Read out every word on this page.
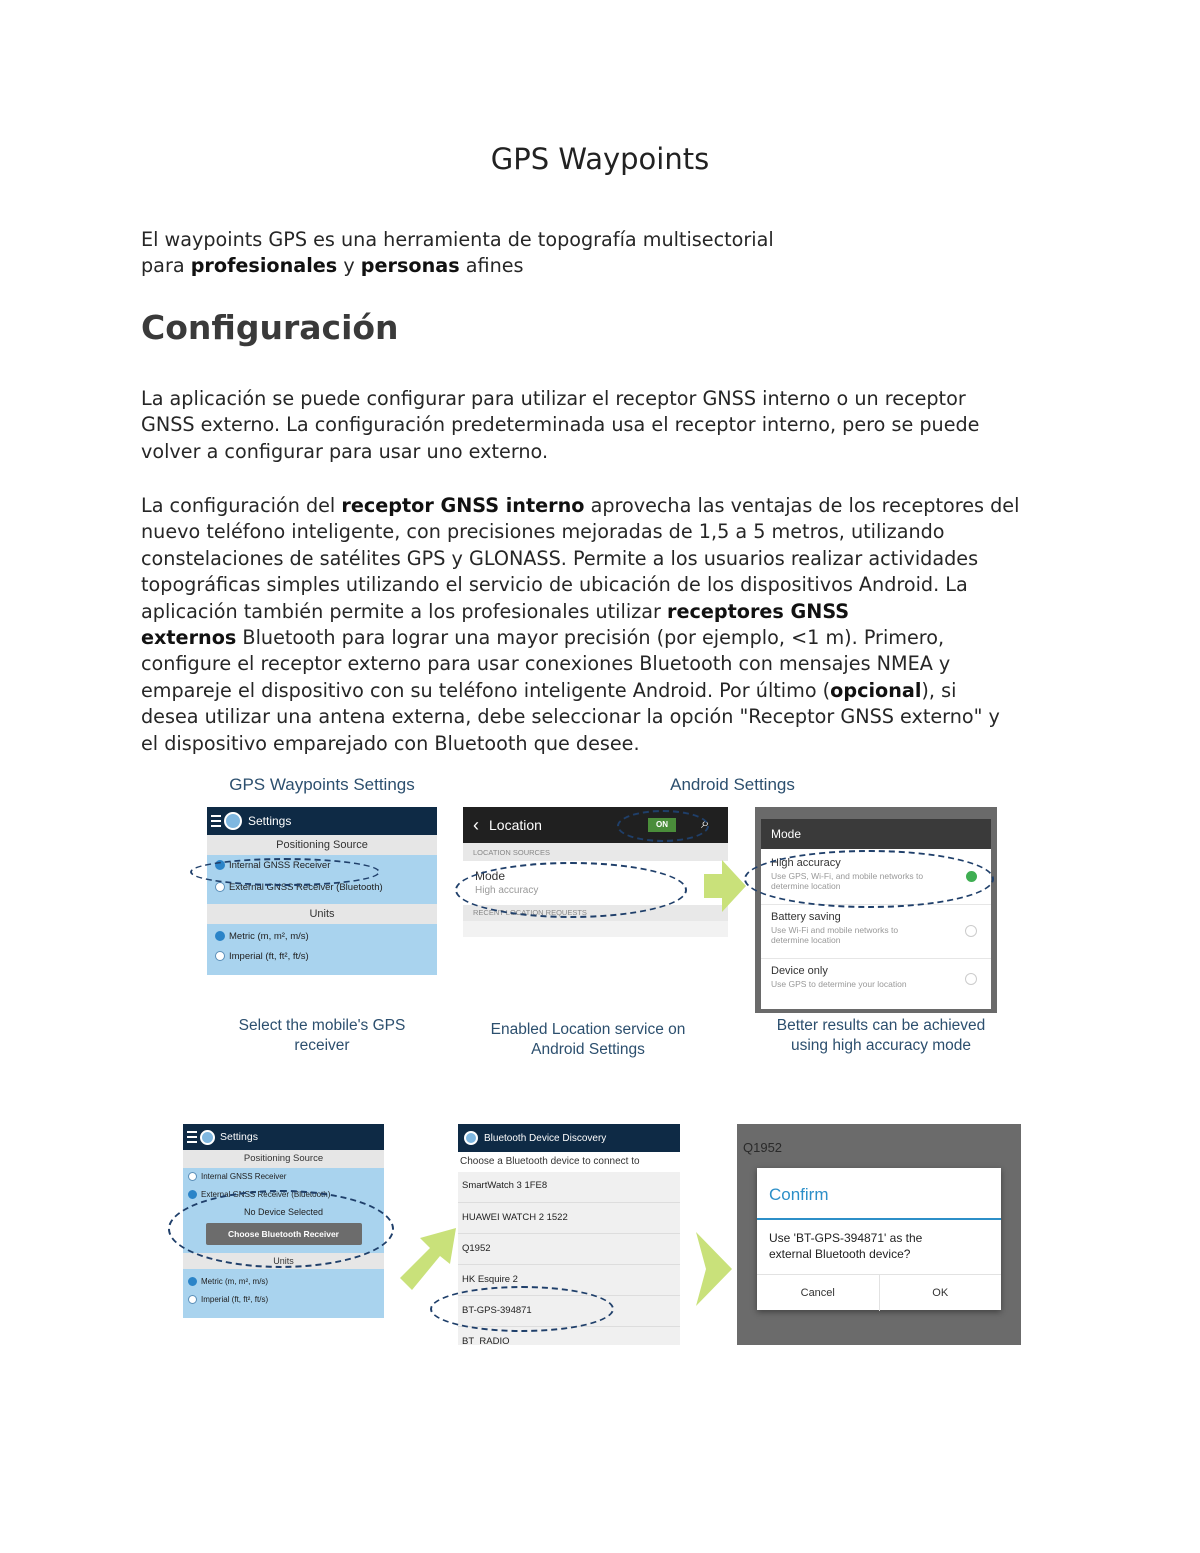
GPS Waypoints
El waypoints GPS es una herramienta de topografía multisectorial
para profesionales y personas afines
Configuración
La aplicación se puede configurar para utilizar el receptor GNSS interno o un receptor
GNSS externo. La configuración predeterminada usa el receptor interno, pero se puede
volver a configurar para usar uno externo.
La configuración del receptor GNSS interno aprovecha las ventajas de los receptores del
nuevo teléfono inteligente, con precisiones mejoradas de 1,5 a 5 metros, utilizando
constelaciones de satélites GPS y GLONASS. Permite a los usuarios realizar actividades
topográficas simples utilizando el servicio de ubicación de los dispositivos Android. La
aplicación también permite a los profesionales utilizar receptores GNSS
externos Bluetooth para lograr una mayor precisión (por ejemplo, <1 m). Primero,
configure el receptor externo para usar conexiones Bluetooth con mensajes NMEA y
empareje el dispositivo con su teléfono inteligente Android. Por último (opcional), si
desea utilizar una antena externa, debe seleccionar la opción "Receptor GNSS externo" y
el dispositivo emparejado con Bluetooth que desee.
GPS Waypoints Settings	Android Settings
Settings
Positioning Source
Internal GNSS Receiver
External GNSS Receiver (Bluetooth)
Units
Metric (m, m², m/s)
Imperial (ft, ft², ft/s)
‹ Location	ON	⌕
LOCATION SOURCES
Mode
High accuracy
RECENT LOCATION REQUESTS
Mode
High accuracy
Use GPS, Wi-Fi, and mobile networks to
determine location
Battery saving
Use Wi-Fi and mobile networks to
determine location
Device only
Use GPS to determine your location
Select the mobile's GPS
receiver
Enabled Location service on
Android Settings
Better results can be achieved
using high accuracy mode
Settings
Positioning Source
Internal GNSS Receiver
External GNSS Receiver (Bluetooth)
No Device Selected
Choose Bluetooth Receiver
Units
Metric (m, m², m/s)
Imperial (ft, ft², ft/s)
Bluetooth Device Discovery
Choose a Bluetooth device to connect to
SmartWatch 3 1FE8
HUAWEI WATCH 2 1522
Q1952
HK Esquire 2
BT-GPS-394871
BT_RADIO
Q1952
Confirm
Use 'BT-GPS-394871' as the
external Bluetooth device?
Cancel	OK
